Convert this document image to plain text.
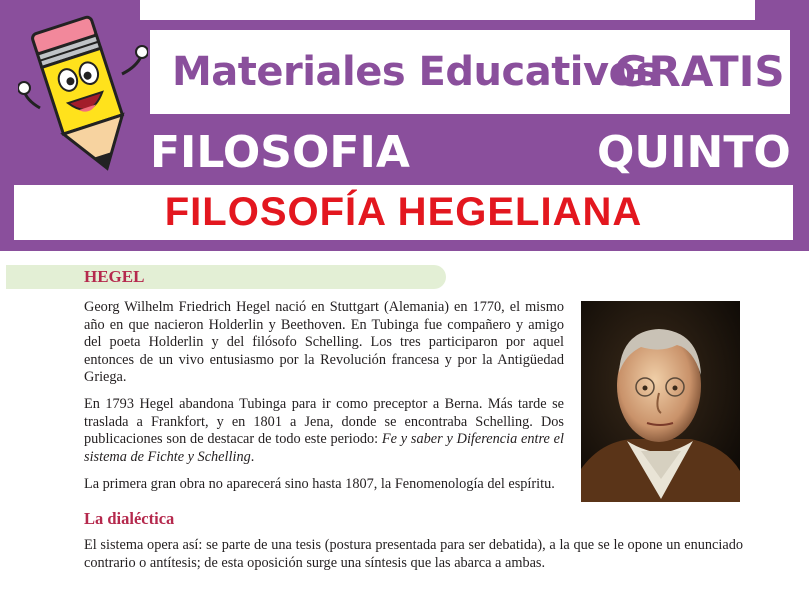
Materiales Educativos
GRATIS
FILOSOFIA	QUINTO
FILOSOFÍA HEGELIANA
HEGEL

Georg Wilhelm Friedrich Hegel nació en Stuttgart (Alemania) en 1770, el mismo año en que nacieron Holderlin y Beethoven. En Tubinga fue compañero y amigo del poeta Holderlin y del filósofo Schelling. Los tres participaron por aquel entonces de un vivo entusiasmo por la Revolución francesa y por la Antigüedad Griega.

En 1793 Hegel abandona Tubinga para ir como preceptor a Berna. Más tarde se traslada a Frankfort, y en 1801 a Jena, donde se encontraba Schelling. Dos publicaciones son de destacar de todo este periodo: Fe y saber y Diferencia entre el sistema de Fichte y Schelling.

La primera gran obra no aparecerá sino hasta 1807, la Fenomenología del espíritu.

La dialéctica

El sistema opera así: se parte de una tesis (postura presentada para ser debatida), a la que se le opone un enunciado contrario o antítesis; de esta oposición surge una síntesis que las abarca a ambas.
